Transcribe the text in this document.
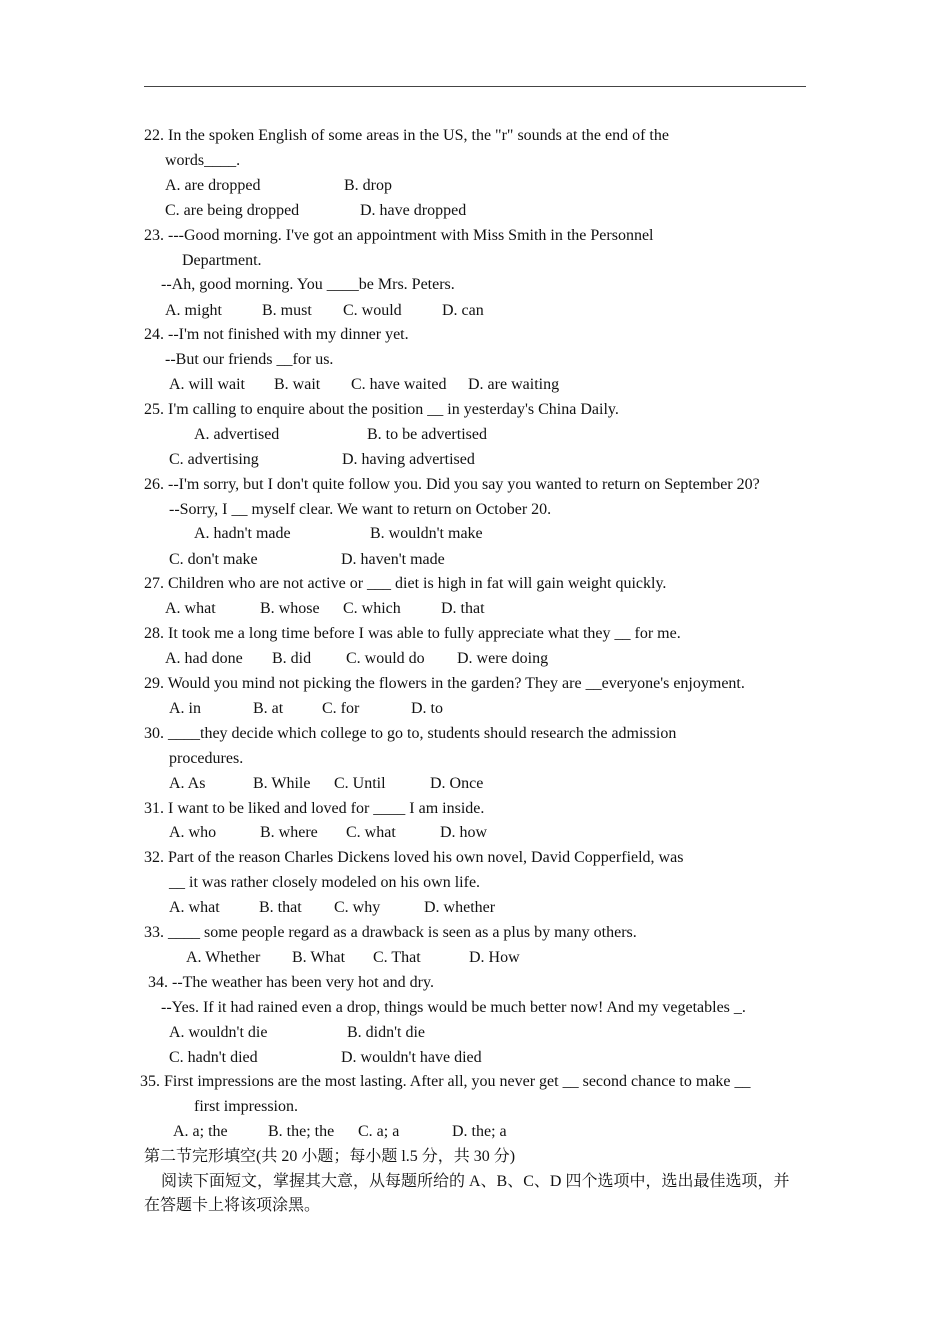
22. In the spoken English of some areas in the US, the "r" sounds at the end of the
words____.
A. are dropped	B. drop
C. are being dropped	D. have dropped
23. ---Good morning. I've got an appointment with Miss Smith in the Personnel
Department.
--Ah, good morning. You ____be Mrs. Peters.
A. might	B. must C. would	D. can
24. --I'm not finished with my dinner yet.
--But our friends __for us.
A. will wait B. wait C. have waited D. are waiting
25. I'm calling to enquire about the position __ in yesterday's China Daily.
A. advertised	B. to be advertised
C. advertising	D. having advertised
26. --I'm sorry, but I don't quite follow you. Did you say you wanted to return on September 20?
--Sorry, I __ myself clear. We want to return on October 20.
A. hadn't made	B. wouldn't make
C. don't make	D. haven't made
27. Children who are not active or ___ diet is high in fat will gain weight quickly.
A. what	B. whose C. which	D. that
28. It took me a long time before I was able to fully appreciate what they __ for me.
A. had done B. did C. would do D. were doing
29. Would you mind not picking the flowers in the garden? They are __everyone's enjoyment.
A. in	B. at C. for	D. to
30. ____they decide which college to go to, students should research the admission
procedures.
A. As	B. While C. Until	D. Once
31. I want to be liked and loved for ____ I am inside.
A. who	B. where C. what	D. how
32. Part of the reason Charles Dickens loved his own novel, David Copperfield, was
__ it was rather closely modeled on his own life.
A. what B. that C. why	D. whether
33. ____ some people regard as a drawback is seen as a plus by many others.
A. Whether B. What C. That	D. How
34. --The weather has been very hot and dry.
--Yes. If it had rained even a drop, things would be much better now! And my vegetables _.
A. wouldn't die	B. didn't die
C. hadn't died	D. wouldn't have died
35. First impressions are the most lasting. After all, you never get __ second chance to make __
first impression.
A. a; the	B. the; the C. a; a	D. the; a
第二节完形填空(共 20 小题；每小题 l.5 分，共 30 分)
阅读下面短文，掌握其大意，从每题所给的 A、B、C、D 四个选项中，选出最佳选项，并
在答题卡上将该项涂黑。
